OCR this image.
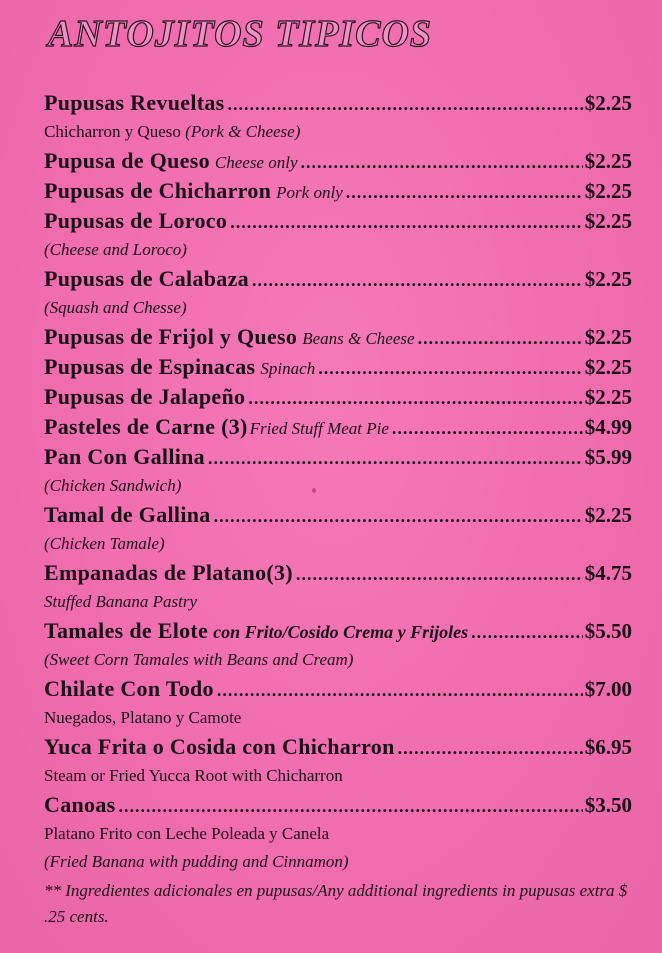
ANTOJITOS TIPICOS
Pupusas Revueltas .....	$2.25
Chicharron y Queso (Pork & Cheese)
Pupusa de Queso Cheese only .....	$2.25
Pupusas de Chicharron Pork only .....	$2.25
Pupusas de Loroco .....	$2.25
(Cheese and Loroco)
Pupusas de Calabaza .....	$2.25
(Squash and Chesse)
Pupusas de Frijol y Queso Beans & Cheese .....	$2.25
Pupusas de Espinacas Spinach .....	$2.25
Pupusas de Jalapeño .....	$2.25
Pasteles de Carne (3) Fried Stuff Meat Pie .....	$4.99
Pan Con Gallina .....	$5.99
(Chicken Sandwich)
Tamal de Gallina .....	$2.25
(Chicken Tamale)
Empanadas de Platano(3) .....	$4.75
Stuffed Banana Pastry
Tamales de Elote con Frito/Cosido Crema y Frijoles .....	$5.50
(Sweet Corn Tamales with Beans and Cream)
Chilate Con Todo .....	$7.00
Nuegados, Platano y Camote
Yuca Frita o Cosida con Chicharron .....	$6.95
Steam or Fried Yucca Root with Chicharron
Canoas .....	$3.50
Platano Frito con Leche Poleada y Canela
(Fried Banana with pudding and Cinnamon)
** Ingredientes adicionales en pupusas/Any additional ingredients in pupusas extra $ .25 cents.
